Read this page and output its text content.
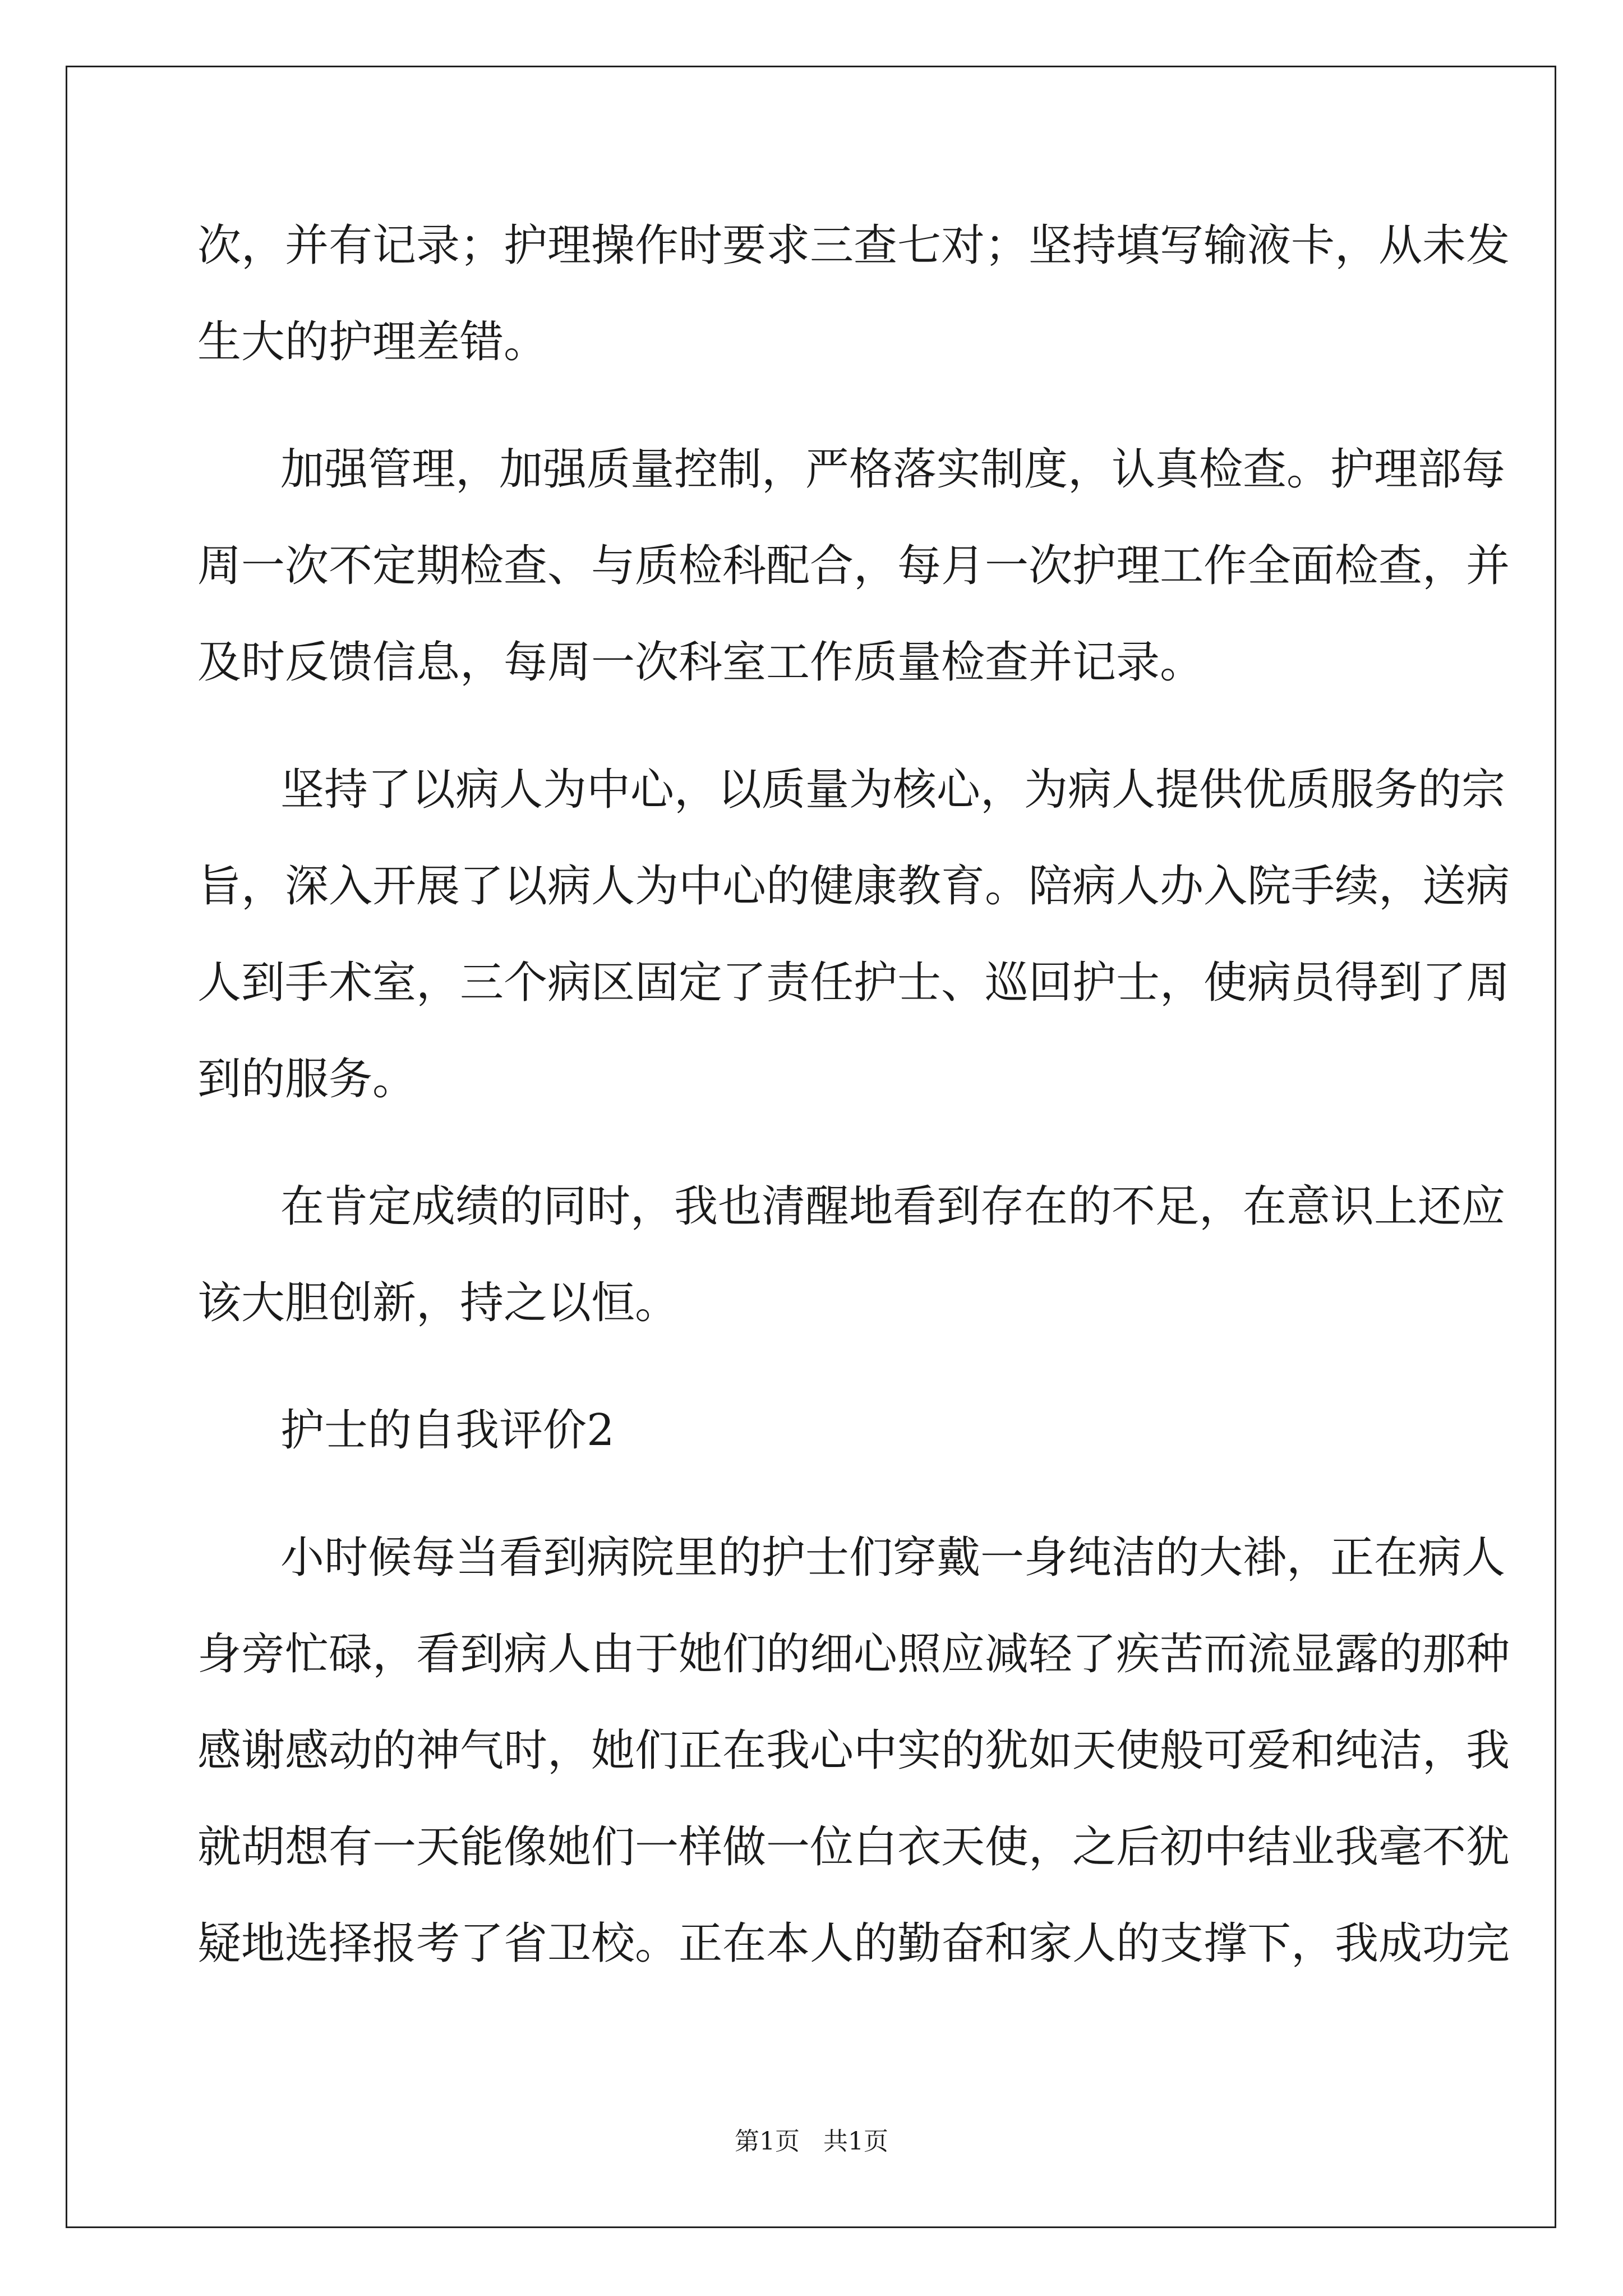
次，并有记录；护理操作时要求三查七对；坚持填写输液卡，从未发
生大的护理差错。
加强管理，加强质量控制，严格落实制度，认真检查。护理部每
周一次不定期检查、与质检科配合，每月一次护理工作全面检查，并
及时反馈信息，每周一次科室工作质量检查并记录。
坚持了以病人为中心，以质量为核心，为病人提供优质服务的宗
旨，深入开展了以病人为中心的健康教育。陪病人办入院手续，送病
人到手术室，三个病区固定了责任护士、巡回护士，使病员得到了周
到的服务。
在肯定成绩的同时，我也清醒地看到存在的不足，在意识上还应
该大胆创新，持之以恒。
护士的自我评价2
小时候每当看到病院里的护士们穿戴一身纯洁的大褂，正在病人
身旁忙碌，看到病人由于她们的细心照应减轻了疾苦而流显露的那种
感谢感动的神气时，她们正在我心中实的犹如天使般可爱和纯洁，我
就胡想有一天能像她们一样做一位白衣天使，之后初中结业我毫不犹
疑地选择报考了省卫校。正在本人的勤奋和家人的支撑下，我成功完
第1页 共1页
